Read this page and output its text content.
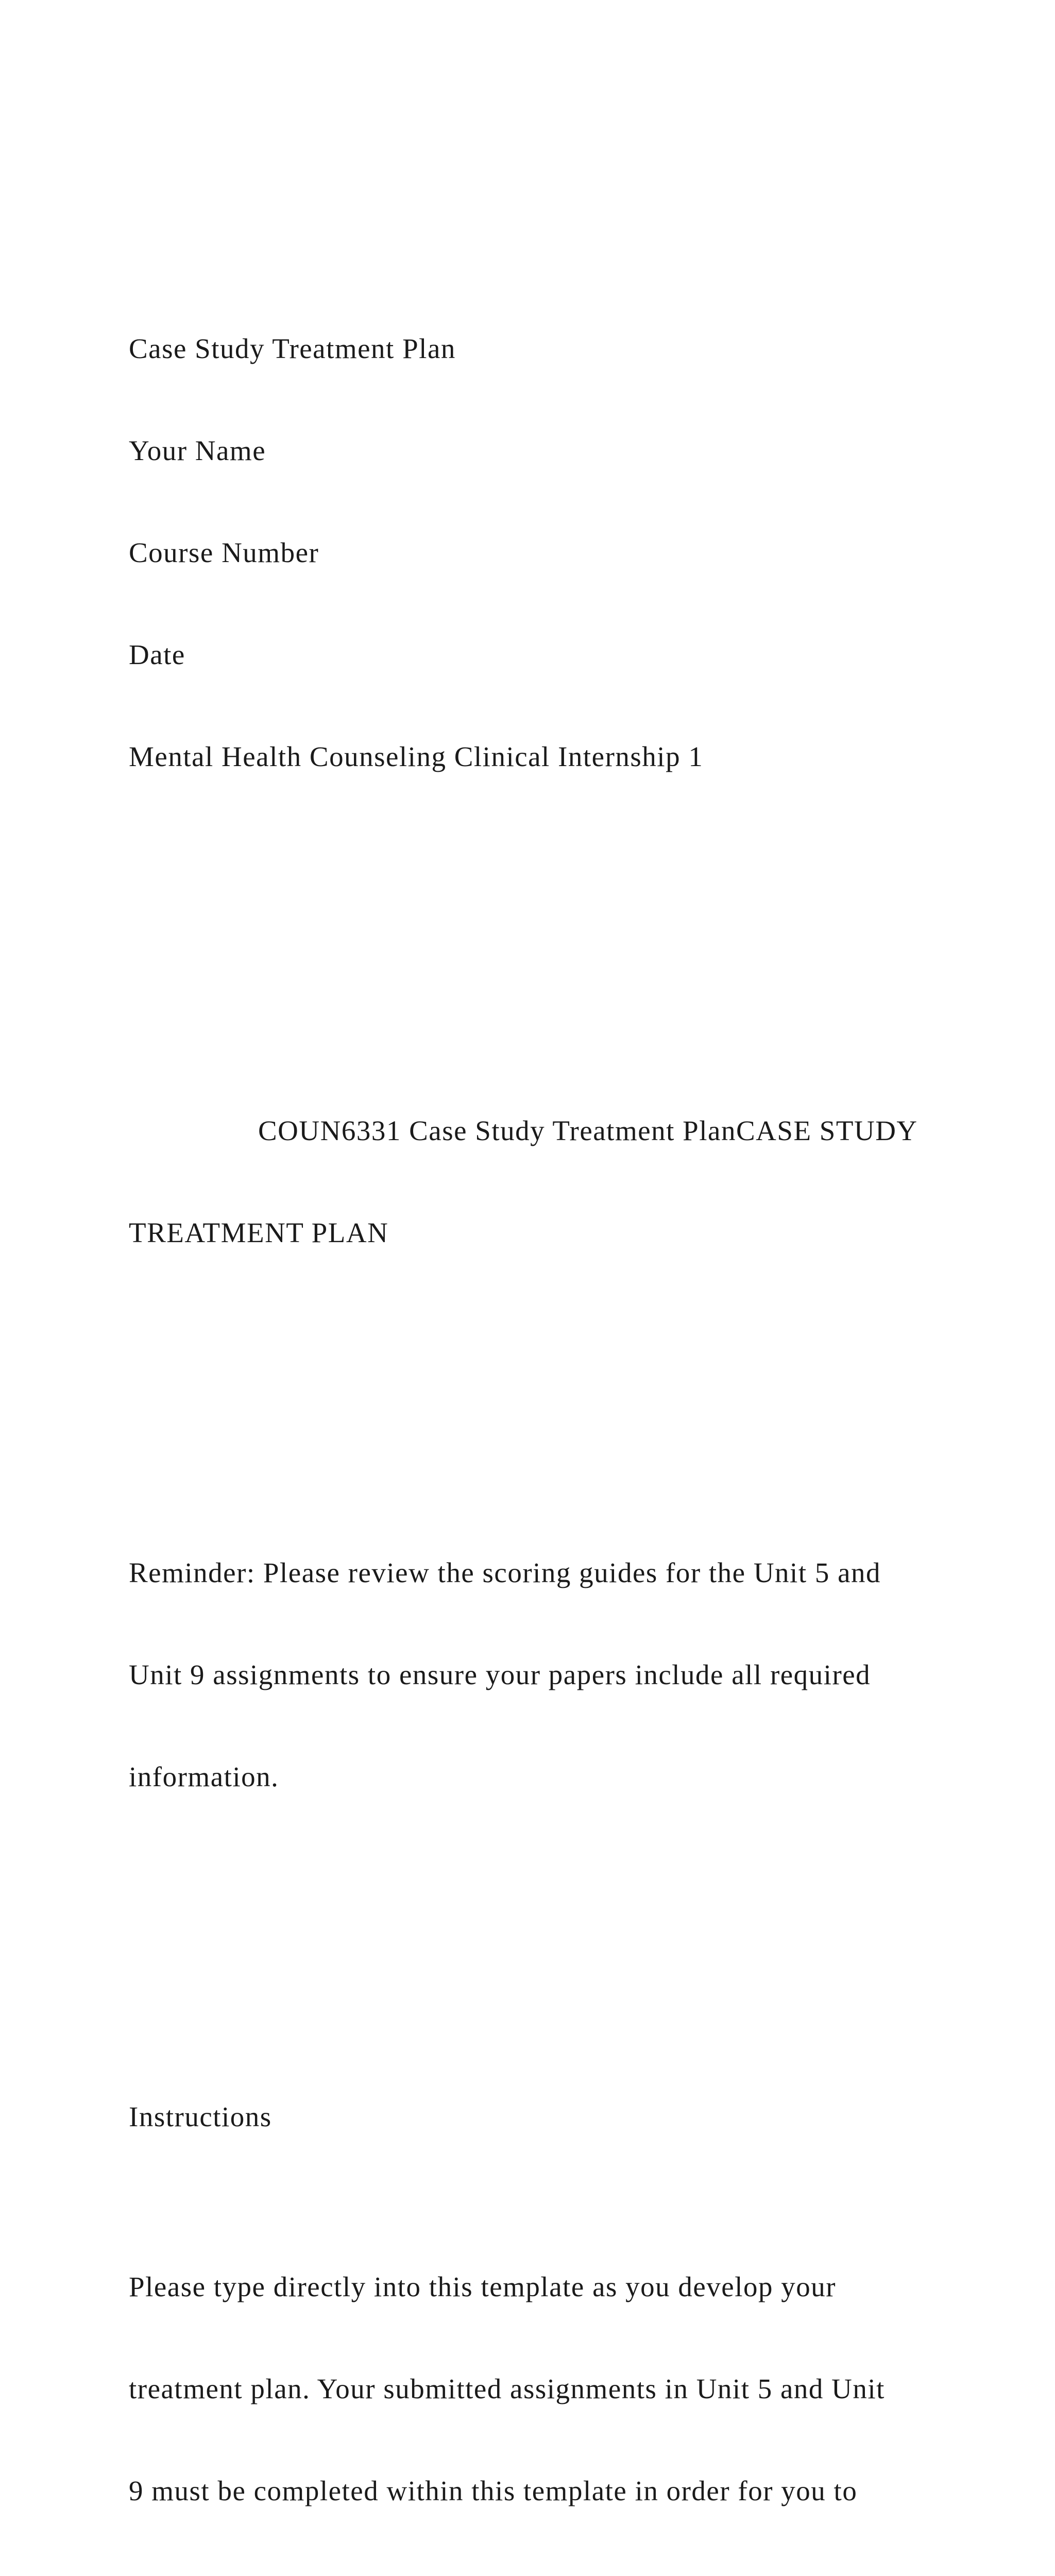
Case Study Treatment Plan

Your Name

Course Number

Date

Mental Health Counseling Clinical Internship 1

COUN6331 Case Study Treatment PlanCASE STUDY

TREATMENT PLAN

Reminder: Please review the scoring guides for the Unit 5 and

Unit 9 assignments to ensure your papers include all required

information.

Instructions

Please type directly into this template as you develop your

treatment plan. Your submitted assignments in Unit 5 and Unit

9 must be completed within this template in order for you to
